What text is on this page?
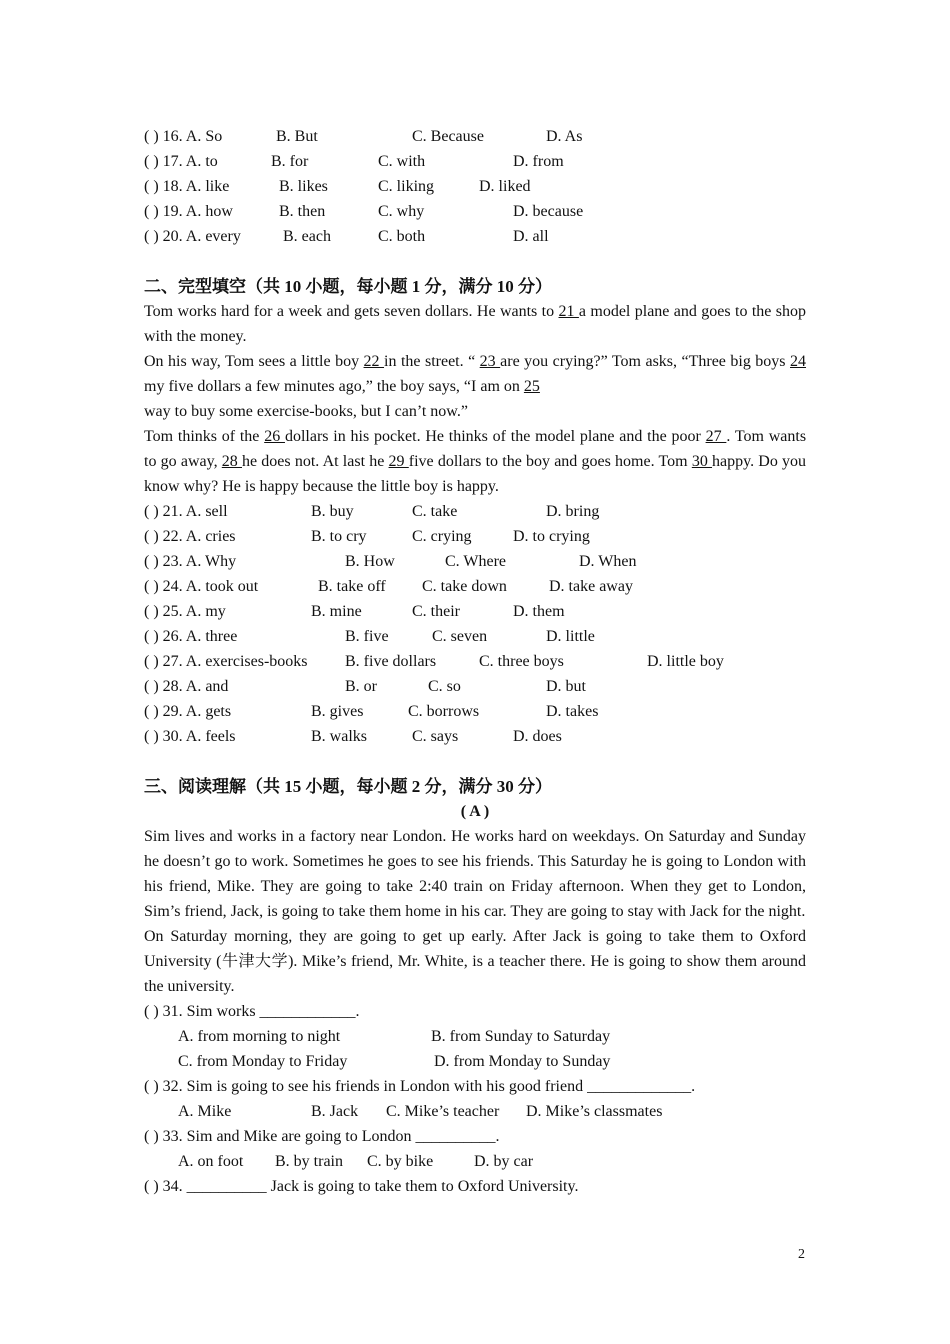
( ) 16. A. So	B. But	C. Because	D. As
( ) 17. A. to	B. for	C. with	D. from
( ) 18. A. like	B. likes	C. liking	D. liked
( ) 19. A. how	B. then	C. why	D. because
( ) 20. A. every	B. each	C. both	D. all
二、完型填空（共 10 小题，每小题 1 分，满分 10 分）
Tom works hard for a week and gets seven dollars. He wants to 21 a model plane and goes to the shop with the money.
On his way, Tom sees a little boy 22 in the street. “ 23 are you crying?” Tom asks, “Three big boys 24 my five dollars a few minutes ago,” the boy says, “I am on 25
way to buy some exercise-books, but I can’t now.”
Tom thinks of the 26 dollars in his pocket. He thinks of the model plane and the poor 27 . Tom wants to go away, 28 he does not. At last he 29 five dollars to the boy and goes home. Tom 30 happy. Do you know why? He is happy because the little boy is happy.
( ) 21. A. sell	B. buy	C. take	D. bring
( ) 22. A. cries	B. to cry	C. crying	D. to crying
( ) 23. A. Why	B. How	C. Where	D. When
( ) 24. A. took out	B. take off C. take down	D. take away
( ) 25. A. my	B. mine	C. their	D. them
( ) 26. A. three	B. five	C. seven	D. little
( ) 27. A. exercises-books B. five dollars	C. three boys	D. little boy
( ) 28. A. and	B. or	C. so	D. but
( ) 29. A. gets	B. gives	C. borrows	D. takes
( ) 30. A. feels	B. walks	C. says	D. does
三、阅读理解（共 15 小题，每小题 2 分，满分 30 分）
( A )
Sim lives and works in a factory near London. He works hard on weekdays. On Saturday and Sunday he doesn’t go to work. Sometimes he goes to see his friends. This Saturday he is going to London with his friend, Mike. They are going to take 2:40 train on Friday afternoon. When they get to London, Sim’s friend, Jack, is going to take them home in his car. They are going to stay with Jack for the night.
On Saturday morning, they are going to get up early. After Jack is going to take them to Oxford University (牛津大学). Mike’s friend, Mr. White, is a teacher there. He is going to show them around the university.
( ) 31. Sim works ____________.
A. from morning to night	B. from Sunday to Saturday
C. from Monday to Friday	D. from Monday to Sunday
( ) 32. Sim is going to see his friends in London with his good friend _____________.
A. Mike	B. Jack C. Mike’s teacher D. Mike’s classmates
( ) 33. Sim and Mike are going to London __________.
A. on foot B. by train C. by bike	D. by car
( ) 34. __________ Jack is going to take them to Oxford University.
2
